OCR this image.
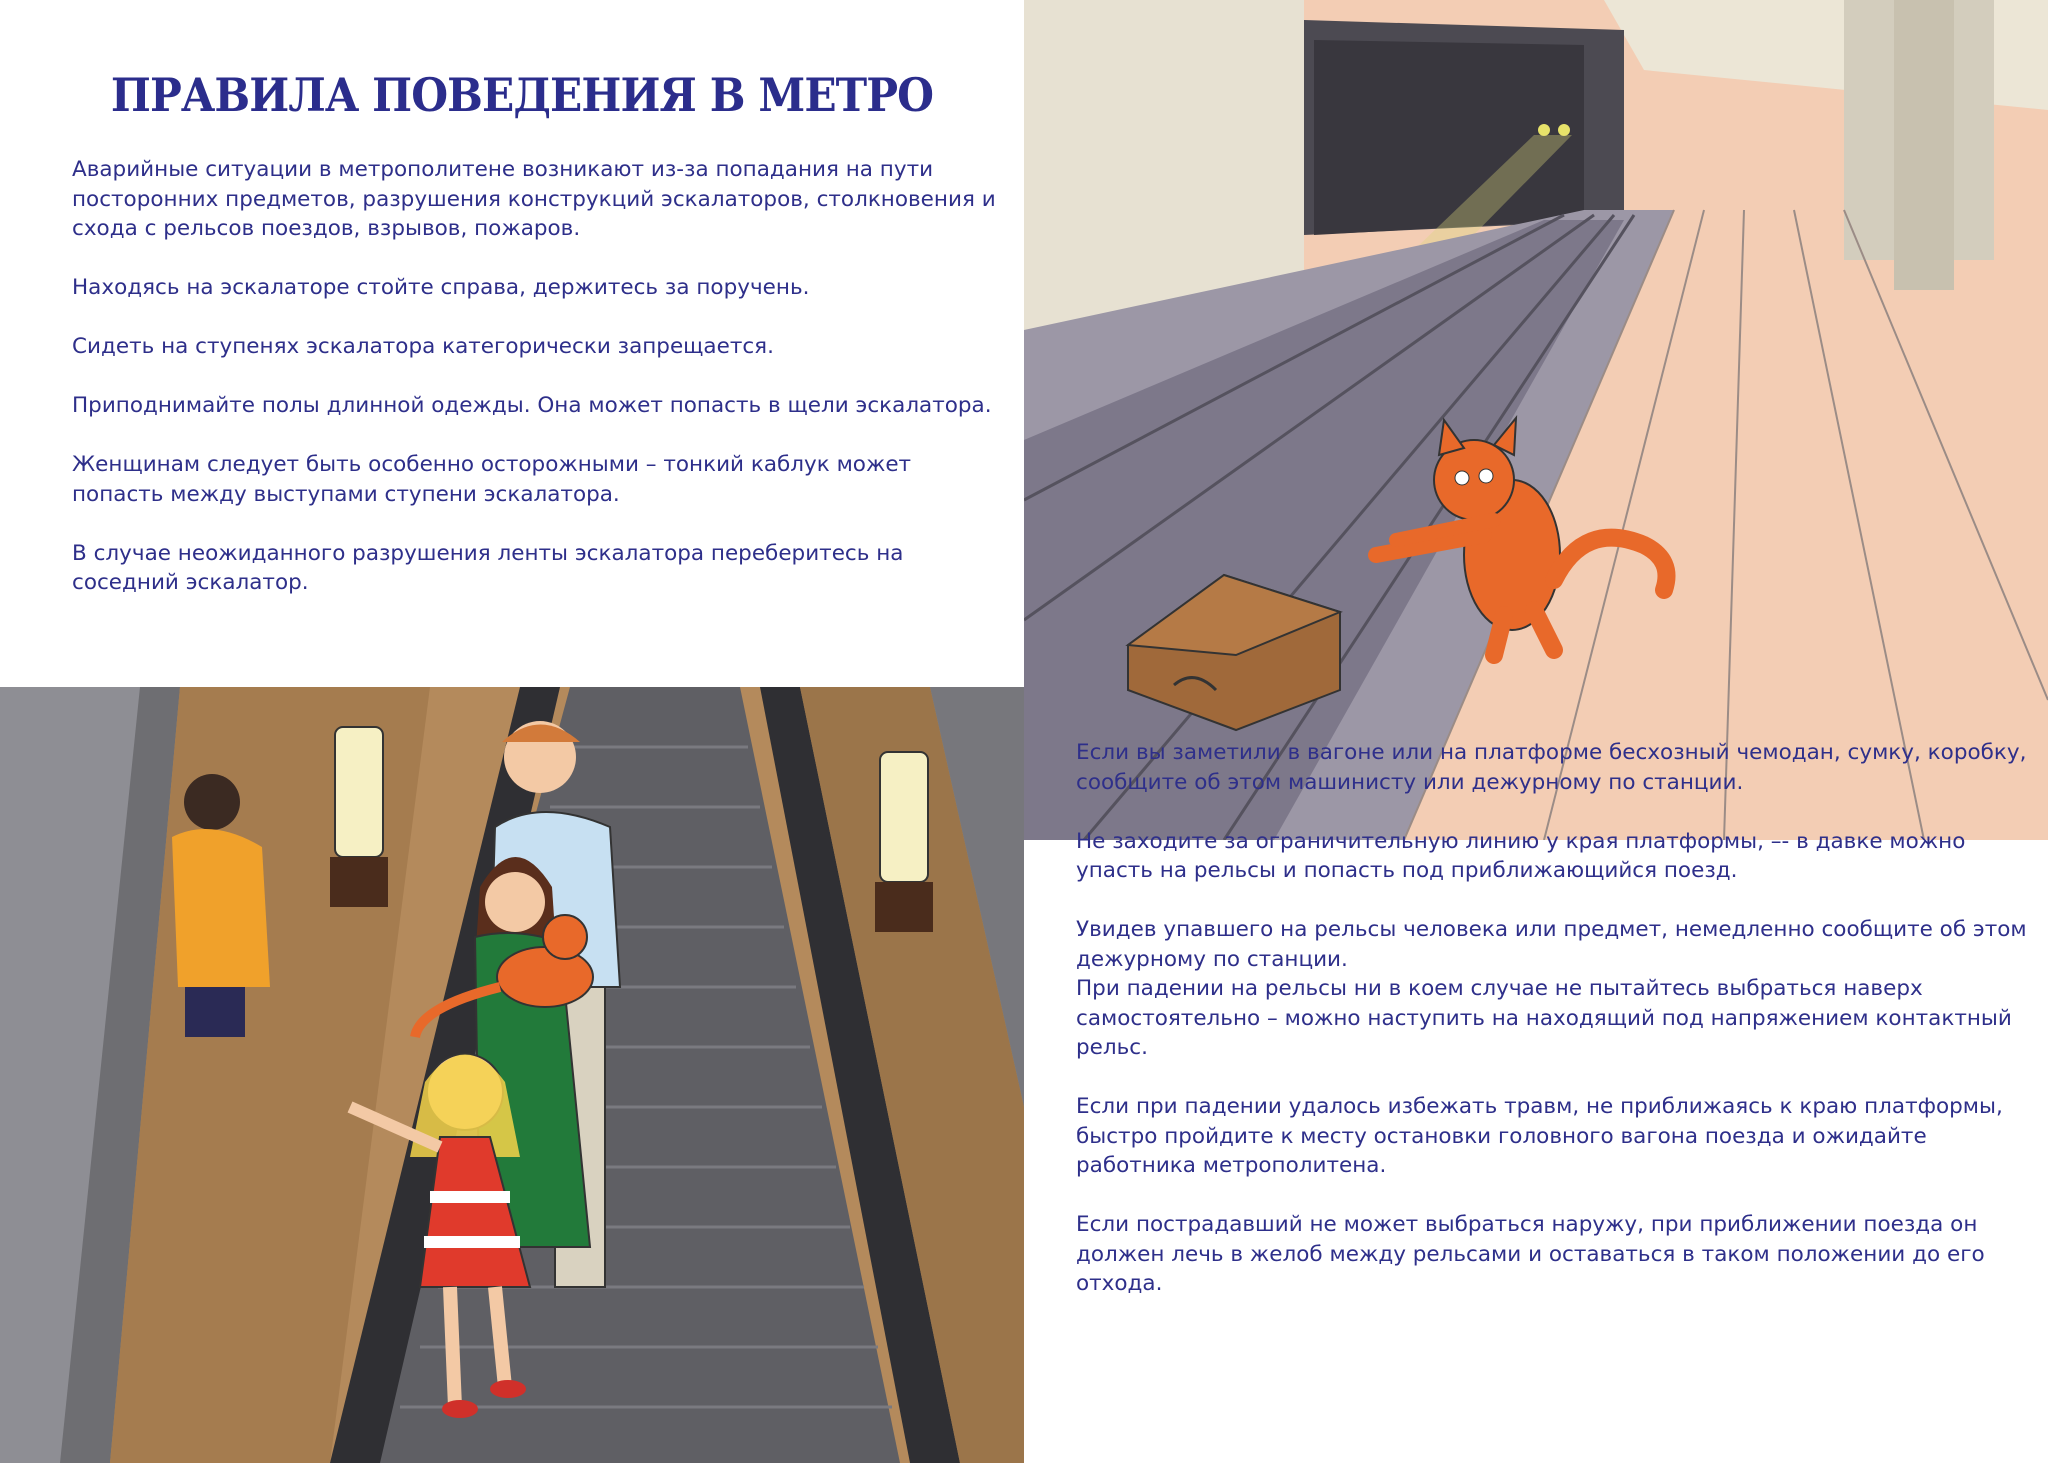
ПРАВИЛА ПОВЕДЕНИЯ В МЕТРО

Аварийные ситуации в метрополитене возникают из-за попадания на пути посторонних предметов, разрушения конструкций эскалаторов, столкновения и схода с рельсов поездов, взрывов, пожаров.

Находясь на эскалаторе стойте справа, держитесь за поручень.

Сидеть на ступенях эскалатора категорически запрещается.

Приподнимайте полы длинной одежды. Она может попасть в щели эскалатора.

Женщинам следует быть особенно осторожными – тонкий каблук может попасть между выступами ступени эскалатора.

В случае неожиданного разрушения ленты эскалатора переберитесь на соседний эскалатор.

Если вы заметили в вагоне или на платформе бесхозный чемодан, сумку, коробку, сообщите об этом машинисту или дежурному по станции.

Не заходите за ограничительную линию у края платформы, –- в давке можно упасть на рельсы и попасть под приближающийся поезд.

Увидев упавшего на рельсы человека или предмет, немедленно сообщите об этом дежурному по станции.

При падении на рельсы ни в коем случае не пытайтесь выбраться наверх самостоятельно – можно наступить на находящий под напряжением контактный рельс.

Если при падении удалось избежать травм, не приближаясь к краю платформы, быстро пройдите к месту остановки головного вагона поезда и ожидайте работника метрополитена.

Если пострадавший не может выбраться наружу, при приближении поезда он должен лечь в желоб между рельсами и оставаться в таком положении до его отхода.
